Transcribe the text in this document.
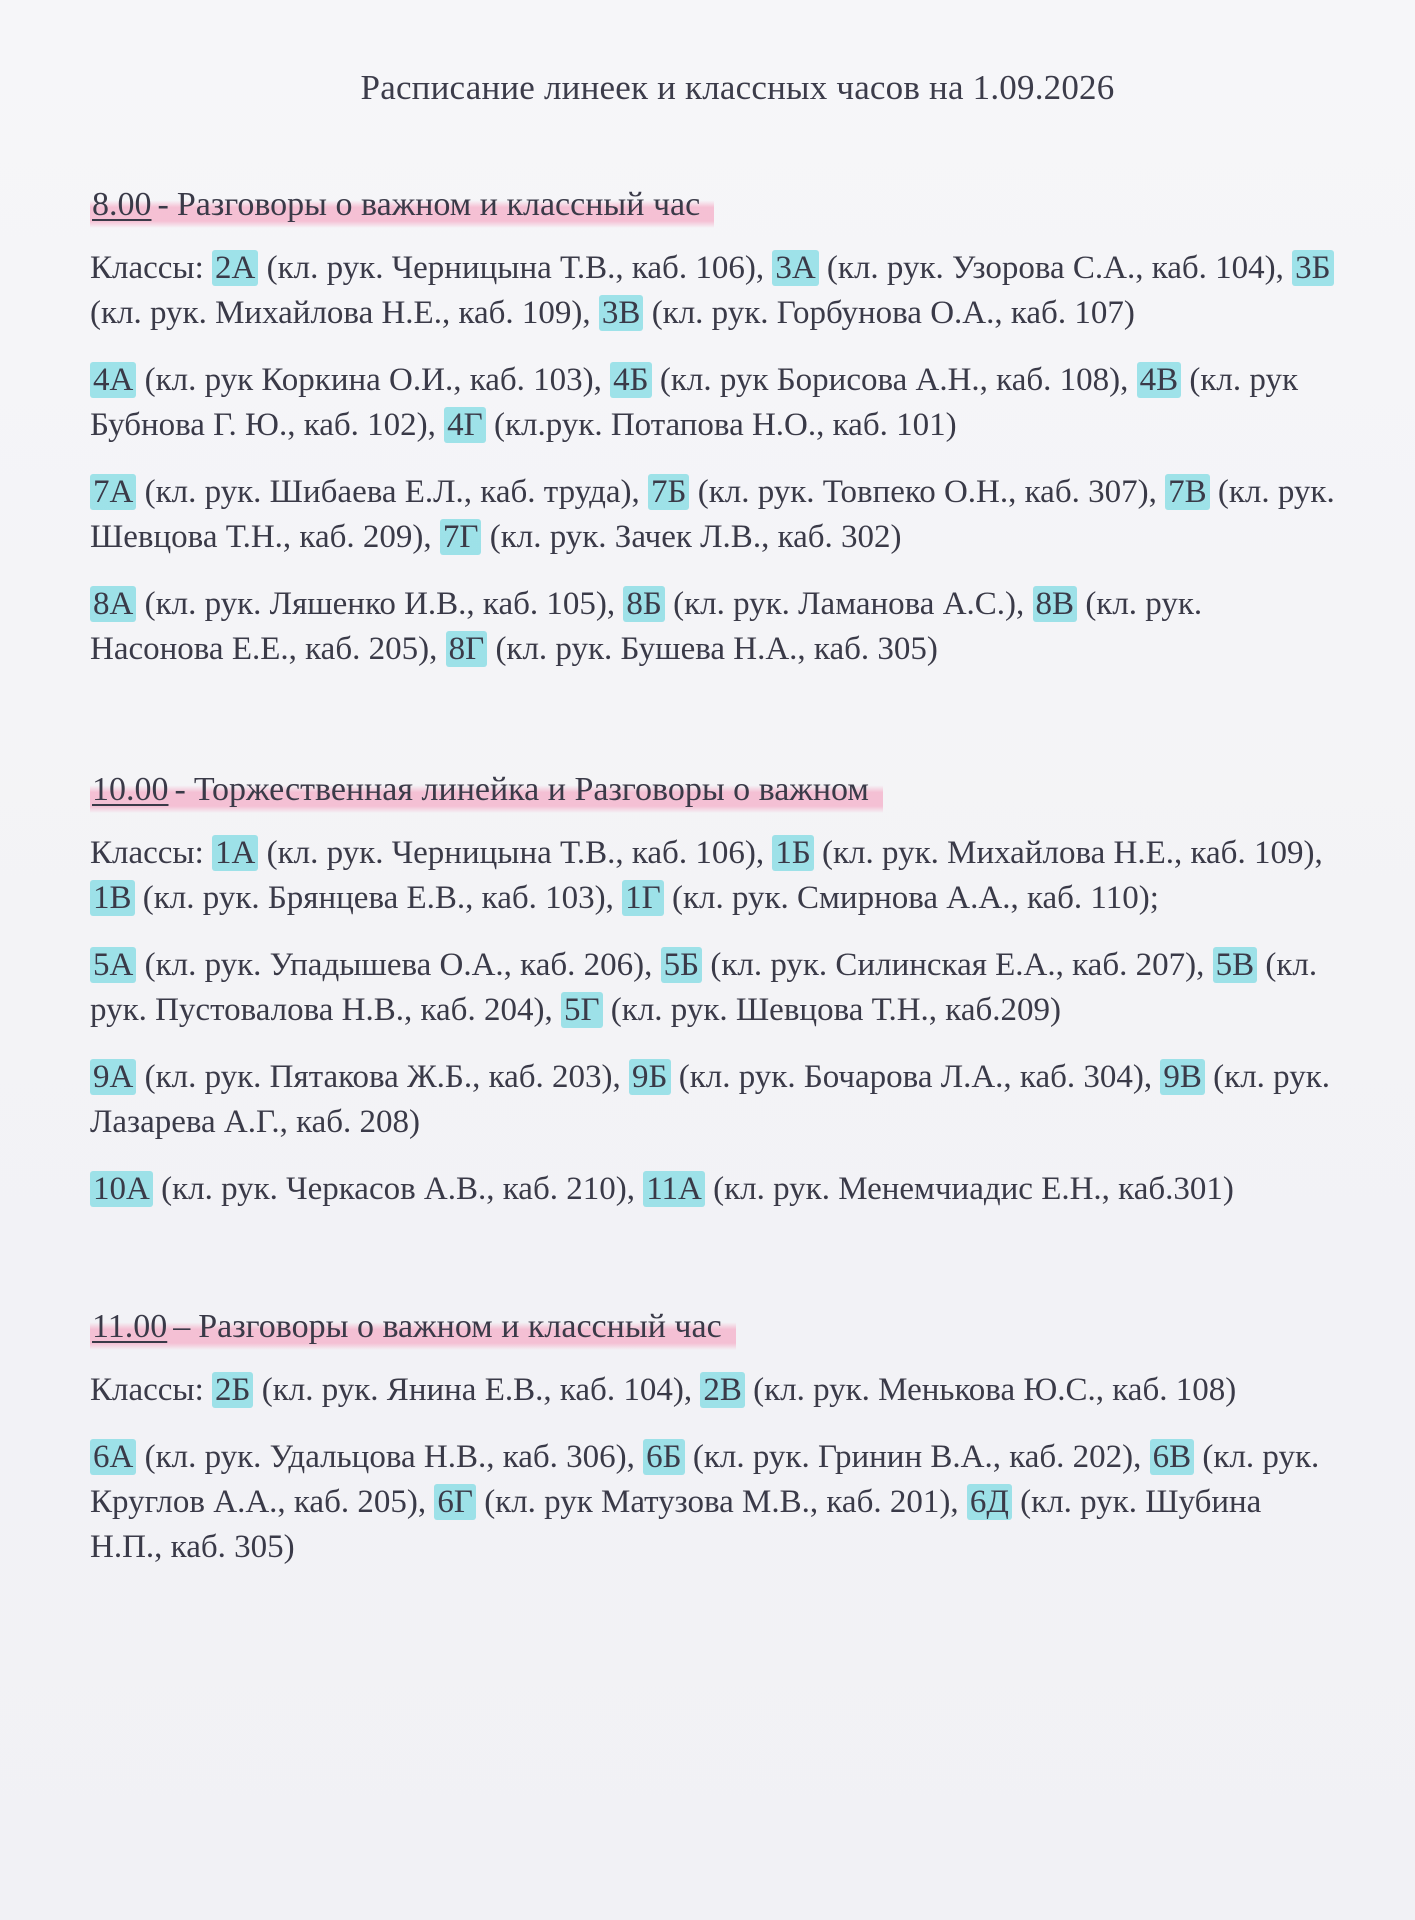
Расписание линеек и классных часов на 1.09.2026
8.00 - Разговоры о важном и классный час
Классы: 2А (кл. рук. Черницына Т.В., каб. 106), 3А (кл. рук. Узорова С.А., каб. 104), 3Б (кл. рук. Михайлова Н.Е., каб. 109), 3В (кл. рук. Горбунова О.А., каб. 107)
4А (кл. рук Коркина О.И., каб. 103), 4Б (кл. рук Борисова А.Н., каб. 108), 4В (кл. рук Бубнова Г. Ю., каб. 102), 4Г (кл.рук. Потапова Н.О., каб. 101)
7А (кл. рук. Шибаева Е.Л., каб. труда), 7Б (кл. рук. Товпеко О.Н., каб. 307), 7В (кл. рук. Шевцова Т.Н., каб. 209), 7Г (кл. рук. Зачек Л.В., каб. 302)
8А (кл. рук. Ляшенко И.В., каб. 105), 8Б (кл. рук. Ламанова А.С.), 8В (кл. рук. Насонова Е.Е., каб. 205), 8Г (кл. рук. Бушева Н.А., каб. 305)
10.00 - Торжественная линейка и Разговоры о важном
Классы: 1А (кл. рук. Черницына Т.В., каб. 106), 1Б (кл. рук. Михайлова Н.Е., каб. 109), 1В (кл. рук. Брянцева Е.В., каб. 103), 1Г (кл. рук. Смирнова А.А., каб. 110);
5А (кл. рук. Упадышева О.А., каб. 206), 5Б (кл. рук. Силинская Е.А., каб. 207), 5В (кл. рук. Пустовалова Н.В., каб. 204), 5Г (кл. рук. Шевцова Т.Н., каб.209)
9А (кл. рук. Пятакова Ж.Б., каб. 203), 9Б (кл. рук. Бочарова Л.А., каб. 304), 9В (кл. рук. Лазарева А.Г., каб. 208)
10А (кл. рук. Черкасов А.В., каб. 210), 11А (кл. рук. Менемчиадис Е.Н., каб.301)
11.00 – Разговоры о важном и классный час
Классы: 2Б (кл. рук. Янина Е.В., каб. 104), 2В (кл. рук. Менькова Ю.С., каб. 108)
6А (кл. рук. Удальцова Н.В., каб. 306), 6Б (кл. рук. Гринин В.А., каб. 202), 6В (кл. рук. Круглов А.А., каб. 205), 6Г (кл. рук Матузова М.В., каб. 201), 6Д (кл. рук. Шубина Н.П., каб. 305)
